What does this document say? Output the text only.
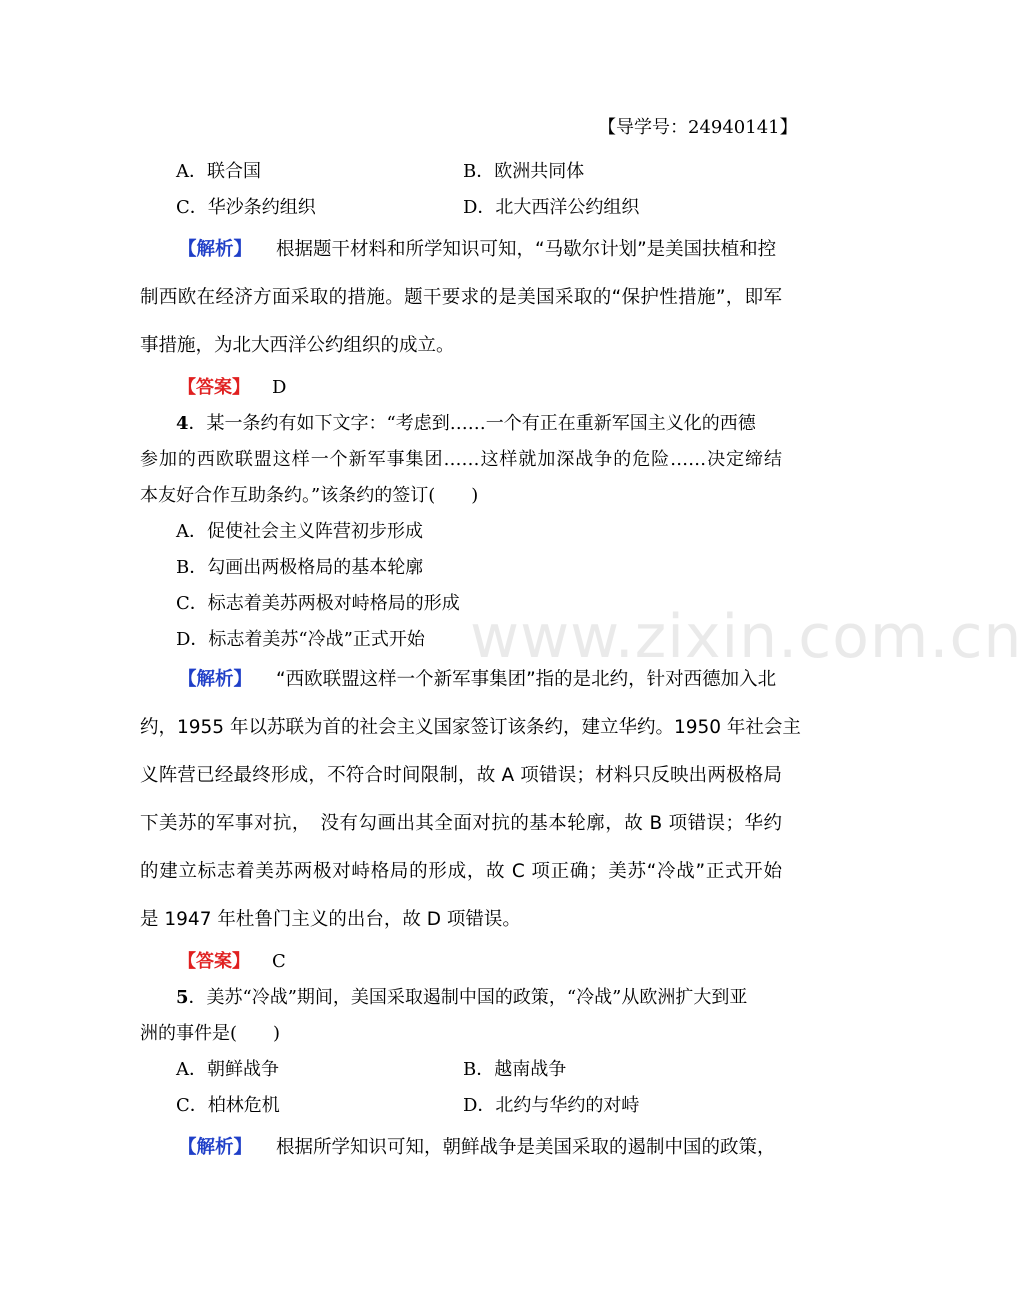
www.zixin.com.cn
【导学号：24940141】
A．联合国	B．欧洲共同体
C．华沙条约组织	D．北大西洋公约组织
【解析】 根据题干材料和所学知识可知，“马歇尔计划”是美国扶植和控
制西欧在经济方面采取的措施。题干要求的是美国采取的“保护性措施”，即军
事措施，为北大西洋公约组织的成立。
【答案】 D
4．某一条约有如下文字：“考虑到……一个有正在重新军国主义化的西德
参加的西欧联盟这样一个新军事集团……这样就加深战争的危险……决定缔结
本友好合作互助条约。”该条约的签订(　　)
A．促使社会主义阵营初步形成
B．勾画出两极格局的基本轮廓
C．标志着美苏两极对峙格局的形成
D．标志着美苏“冷战”正式开始
【解析】 “西欧联盟这样一个新军事集团”指的是北约，针对西德加入北
约，1955 年以苏联为首的社会主义国家签订该条约，建立华约。1950 年社会主
义阵营已经最终形成，不符合时间限制，故 A 项错误；材料只反映出两极格局
下美苏的军事对抗，　没有勾画出其全面对抗的基本轮廓，故 B 项错误；华约
的建立标志着美苏两极对峙格局的形成，故 C 项正确；美苏“冷战”正式开始
是 1947 年杜鲁门主义的出台，故 D 项错误。
【答案】 C
5．美苏“冷战”期间，美国采取遏制中国的政策，“冷战”从欧洲扩大到亚
洲的事件是(　　)
A．朝鲜战争	B．越南战争
C．柏林危机	D．北约与华约的对峙
【解析】 根据所学知识可知，朝鲜战争是美国采取的遏制中国的政策，
